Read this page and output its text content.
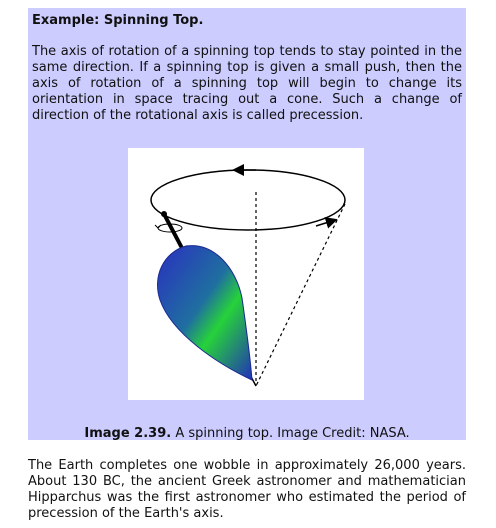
Example: Spinning Top.

The axis of rotation of a spinning top tends to stay pointed in the same direction. If a spinning top is given a small push, then the axis of rotation of a spinning top will begin to change its orientation in space tracing out a cone. Such a change of direction of the rotational axis is called precession.

Image 2.39. A spinning top. Image Credit: NASA.

The Earth completes one wobble in approximately 26,000 years. About 130 BC, the ancient Greek astronomer and mathematician Hipparchus was the first astronomer who estimated the period of precession of the Earth's axis.
